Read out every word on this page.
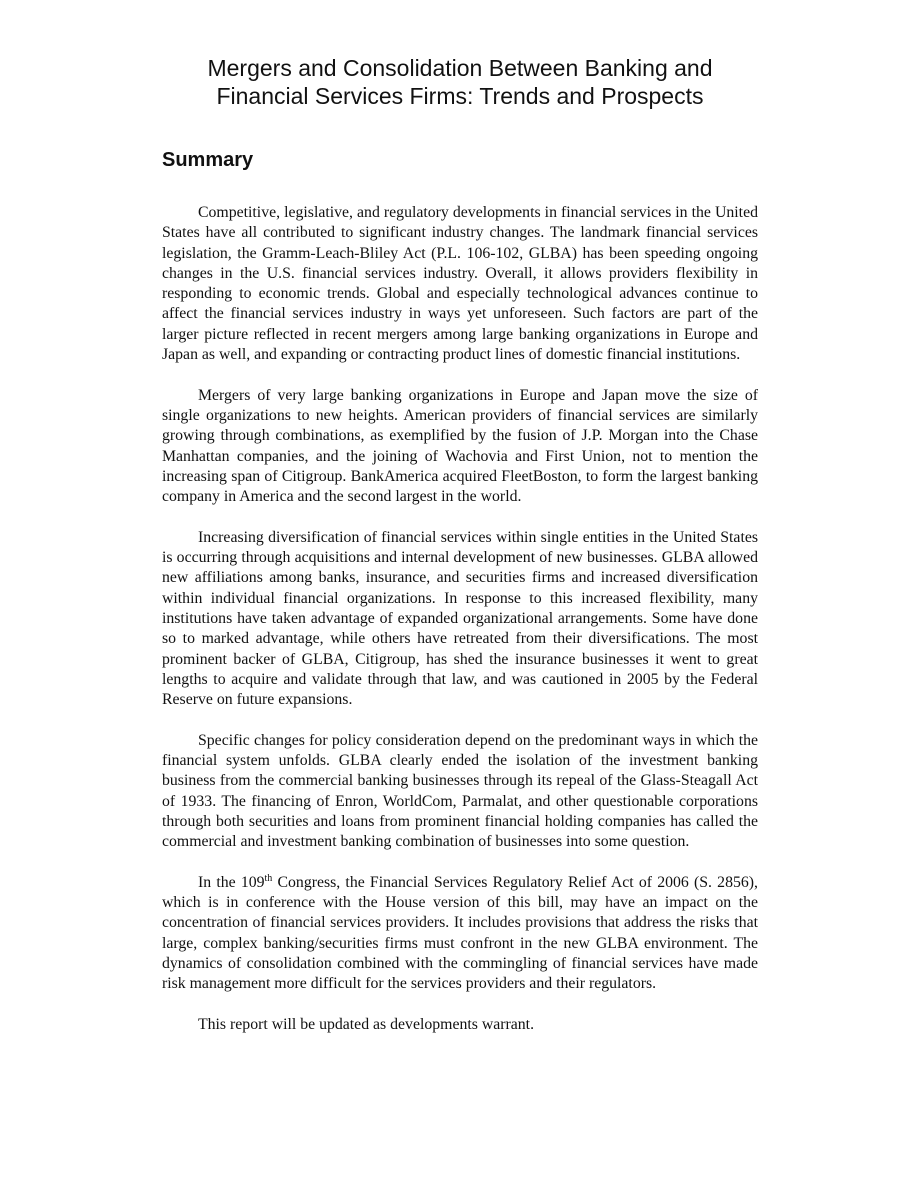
Mergers and Consolidation Between Banking and
Financial Services Firms: Trends and Prospects
Summary

Competitive, legislative, and regulatory developments in financial services in the United States have all contributed to significant industry changes. The landmark financial services legislation, the Gramm-Leach-Bliley Act (P.L. 106-102, GLBA) has been speeding ongoing changes in the U.S. financial services industry. Overall, it allows providers flexibility in responding to economic trends. Global and especially technological advances continue to affect the financial services industry in ways yet unforeseen. Such factors are part of the larger picture reflected in recent mergers among large banking organizations in Europe and Japan as well, and expanding or contracting product lines of domestic financial institutions.

Mergers of very large banking organizations in Europe and Japan move the size of single organizations to new heights. American providers of financial services are similarly growing through combinations, as exemplified by the fusion of J.P. Morgan into the Chase Manhattan companies, and the joining of Wachovia and First Union, not to mention the increasing span of Citigroup. BankAmerica acquired FleetBoston, to form the largest banking company in America and the second largest in the world.

Increasing diversification of financial services within single entities in the United States is occurring through acquisitions and internal development of new businesses. GLBA allowed new affiliations among banks, insurance, and securities firms and increased diversification within individual financial organizations. In response to this increased flexibility, many institutions have taken advantage of expanded organizational arrangements. Some have done so to marked advantage, while others have retreated from their diversifications. The most prominent backer of GLBA, Citigroup, has shed the insurance businesses it went to great lengths to acquire and validate through that law, and was cautioned in 2005 by the Federal Reserve on future expansions.

Specific changes for policy consideration depend on the predominant ways in which the financial system unfolds. GLBA clearly ended the isolation of the investment banking business from the commercial banking businesses through its repeal of the Glass-Steagall Act of 1933. The financing of Enron, WorldCom, Parmalat, and other questionable corporations through both securities and loans from prominent financial holding companies has called the commercial and investment banking combination of businesses into some question.

In the 109th Congress, the Financial Services Regulatory Relief Act of 2006 (S. 2856), which is in conference with the House version of this bill, may have an impact on the concentration of financial services providers. It includes provisions that address the risks that large, complex banking/securities firms must confront in the new GLBA environment. The dynamics of consolidation combined with the commingling of financial services have made risk management more difficult for the services providers and their regulators.

This report will be updated as developments warrant.
